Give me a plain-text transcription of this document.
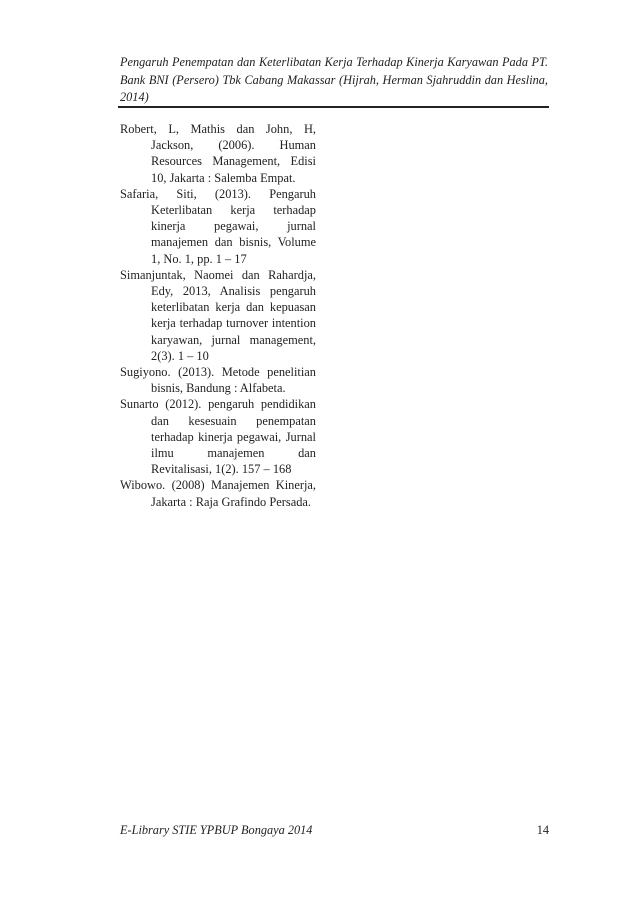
Pengaruh Penempatan dan Keterlibatan Kerja Terhadap Kinerja Karyawan Pada PT. Bank BNI (Persero) Tbk Cabang Makassar (Hijrah, Herman Sjahruddin dan Heslina, 2014)

Robert, L, Mathis dan John, H, Jackson, (2006). Human Resources Management, Edisi 10, Jakarta : Salemba Empat.

Safaria, Siti, (2013). Pengaruh Keterlibatan kerja terhadap kinerja pegawai, jurnal manajemen dan bisnis, Volume 1, No. 1, pp. 1 – 17

Simanjuntak, Naomei dan Rahardja, Edy, 2013, Analisis pengaruh keterlibatan kerja dan kepuasan kerja terhadap turnover intention karyawan, jurnal management, 2(3). 1 – 10

Sugiyono. (2013). Metode penelitian bisnis, Bandung : Alfabeta.

Sunarto (2012). pengaruh pendidikan dan kesesuain penempatan terhadap kinerja pegawai, Jurnal ilmu manajemen dan Revitalisasi, 1(2). 157 – 168

Wibowo. (2008) Manajemen Kinerja, Jakarta : Raja Grafindo Persada.

E-Library STIE YPBUP Bongaya 2014	14
